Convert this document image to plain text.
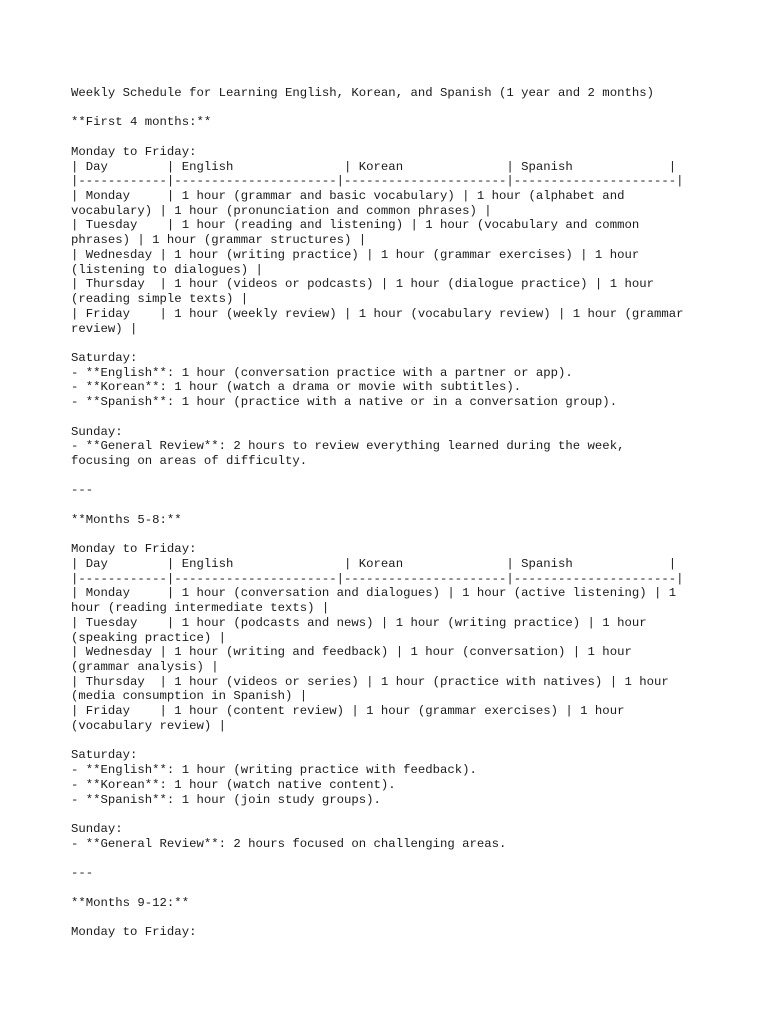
Weekly Schedule for Learning English, Korean, and Spanish (1 year and 2 months)

**First 4 months:**

Monday to Friday:
| Day        | English               | Korean              | Spanish             |
|------------|----------------------|----------------------|----------------------|
| Monday     | 1 hour (grammar and basic vocabulary) | 1 hour (alphabet and
vocabulary) | 1 hour (pronunciation and common phrases) |
| Tuesday    | 1 hour (reading and listening) | 1 hour (vocabulary and common
phrases) | 1 hour (grammar structures) |
| Wednesday | 1 hour (writing practice) | 1 hour (grammar exercises) | 1 hour
(listening to dialogues) |
| Thursday  | 1 hour (videos or podcasts) | 1 hour (dialogue practice) | 1 hour
(reading simple texts) |
| Friday    | 1 hour (weekly review) | 1 hour (vocabulary review) | 1 hour (grammar
review) |

Saturday:
- **English**: 1 hour (conversation practice with a partner or app).
- **Korean**: 1 hour (watch a drama or movie with subtitles).
- **Spanish**: 1 hour (practice with a native or in a conversation group).

Sunday:
- **General Review**: 2 hours to review everything learned during the week,
focusing on areas of difficulty.

---

**Months 5-8:**

Monday to Friday:
| Day        | English               | Korean              | Spanish             |
|------------|----------------------|----------------------|----------------------|
| Monday     | 1 hour (conversation and dialogues) | 1 hour (active listening) | 1
hour (reading intermediate texts) |
| Tuesday    | 1 hour (podcasts and news) | 1 hour (writing practice) | 1 hour
(speaking practice) |
| Wednesday | 1 hour (writing and feedback) | 1 hour (conversation) | 1 hour
(grammar analysis) |
| Thursday  | 1 hour (videos or series) | 1 hour (practice with natives) | 1 hour
(media consumption in Spanish) |
| Friday    | 1 hour (content review) | 1 hour (grammar exercises) | 1 hour
(vocabulary review) |

Saturday:
- **English**: 1 hour (writing practice with feedback).
- **Korean**: 1 hour (watch native content).
- **Spanish**: 1 hour (join study groups).

Sunday:
- **General Review**: 2 hours focused on challenging areas.

---

**Months 9-12:**

Monday to Friday:
